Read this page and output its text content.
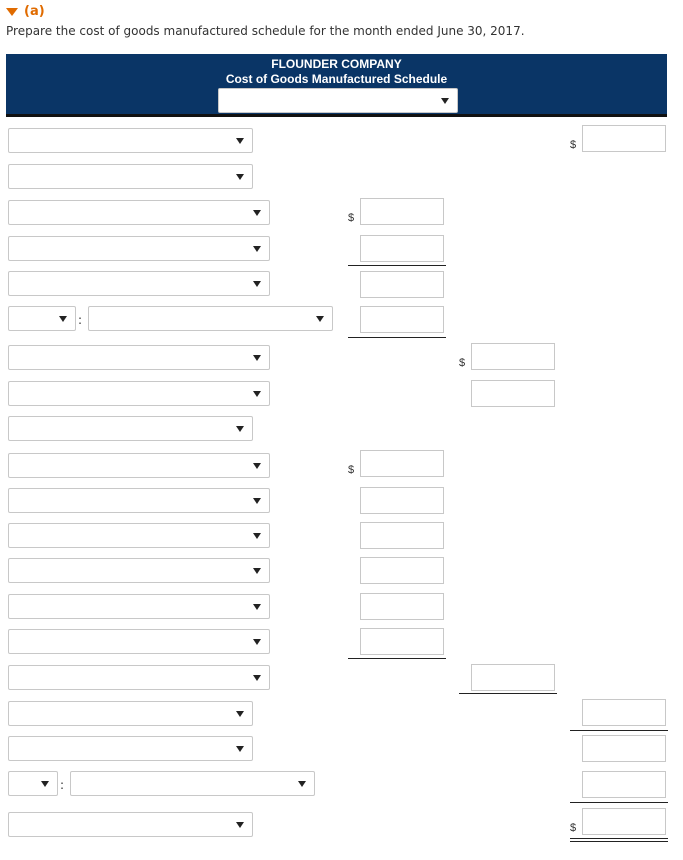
(a)
Prepare the cost of goods manufactured schedule for the month ended June 30, 2017.
FLOUNDER COMPANY
Cost of Goods Manufactured Schedule
$
$
:
$
$
:
$
